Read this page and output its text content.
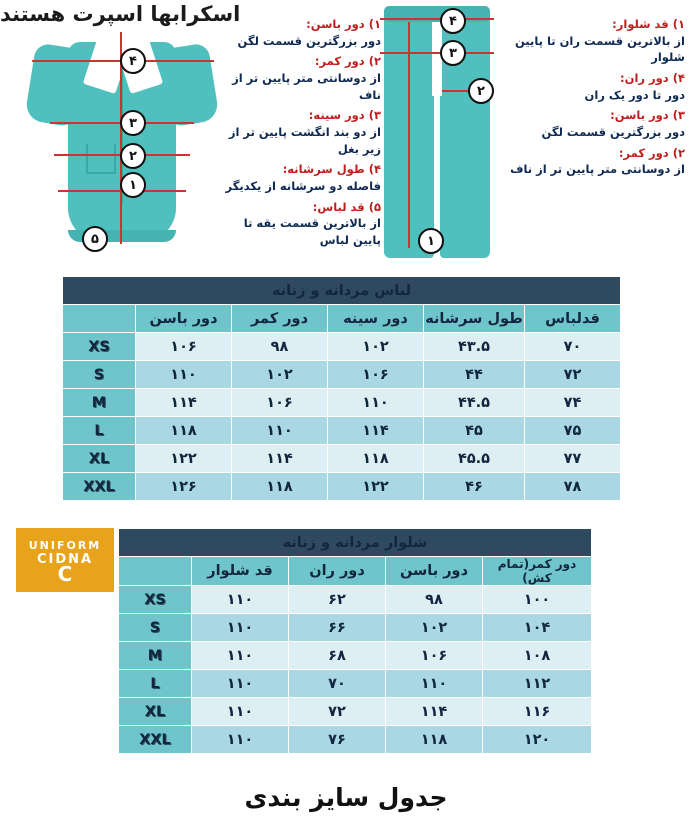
اسکرابها اسپرت هستند
۱
۲
۳
۴
۵	۱
۲
۳
۴
۱) دور باسن:
دور بزرگترین قسمت لگن
۲) دور کمر:
از دوسانتی متر پایین تر از ناف
۳) دور سینه:
از دو بند انگشت پایین تر از زیر بغل
۴) طول سرشانه:
فاصله دو سرشانه از یکدیگر
۵) قد لباس:
از بالاترین قسمت یقه تا پایین لباس
۱) قد شلوار:
از بالاترین قسمت ران تا پایین شلوار
۴) دور ران:
دور تا دور یک ران
۳) دور باسن:
دور بزرگترین قسمت لگن
۲) دور کمر:
از دوسانتی متر پایین تر از ناف
لباس مردانه و زنانه					
قدلباس	طول سرشانه	دور سینه	دور کمر	دور باسن	
۷۰	۴۳.۵	۱۰۲	۹۸	۱۰۶	XS
۷۲	۴۴	۱۰۶	۱۰۲	۱۱۰	S
۷۴	۴۴.۵	۱۱۰	۱۰۶	۱۱۴	M
۷۵	۴۵	۱۱۴	۱۱۰	۱۱۸	L
۷۷	۴۵.۵	۱۱۸	۱۱۴	۱۲۲	XL
۷۸	۴۶	۱۲۲	۱۱۸	۱۲۶	XXL
شلوار مردانه و زنانه				
دور کمر(تمام کش)	دور باسن	دور ران	قد شلوار	
۱۰۰	۹۸	۶۲	۱۱۰	XS
۱۰۴	۱۰۲	۶۶	۱۱۰	S
۱۰۸	۱۰۶	۶۸	۱۱۰	M
۱۱۲	۱۱۰	۷۰	۱۱۰	L
۱۱۶	۱۱۴	۷۲	۱۱۰	XL
۱۲۰	۱۱۸	۷۶	۱۱۰	XXL
UNIFORM
CIDNA
C
جدول سایز بندی
